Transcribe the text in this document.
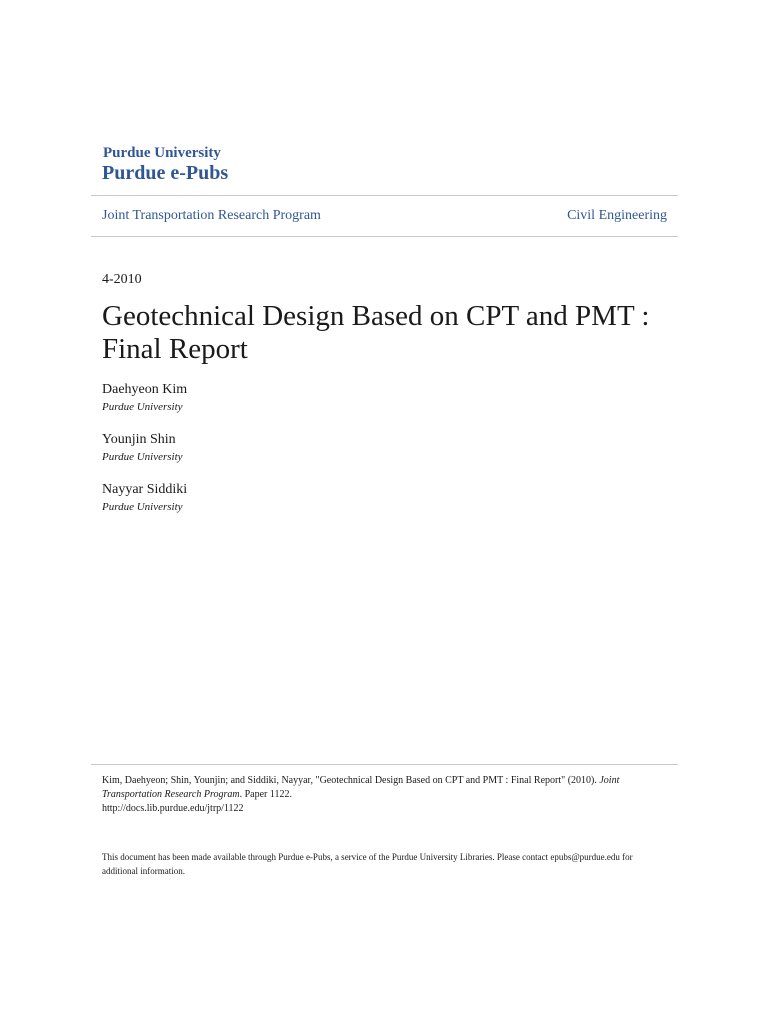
Purdue University
Purdue e-Pubs
Joint Transportation Research Program	Civil Engineering
4-2010
Geotechnical Design Based on CPT and PMT : Final Report
Daehyeon Kim
Purdue University
Younjin Shin
Purdue University
Nayyar Siddiki
Purdue University
Kim, Daehyeon; Shin, Younjin; and Siddiki, Nayyar, "Geotechnical Design Based on CPT and PMT : Final Report" (2010). Joint Transportation Research Program. Paper 1122.
http://docs.lib.purdue.edu/jtrp/1122
This document has been made available through Purdue e-Pubs, a service of the Purdue University Libraries. Please contact epubs@purdue.edu for additional information.
